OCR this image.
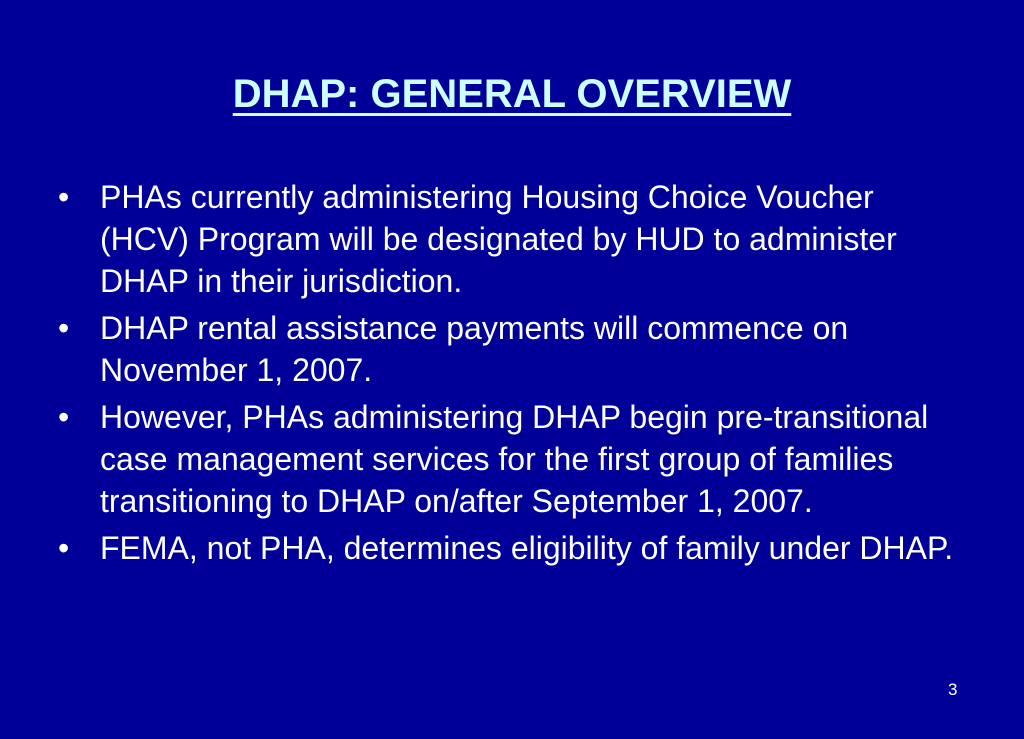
DHAP: GENERAL OVERVIEW
• PHAs currently administering Housing Choice Voucher (HCV) Program will be designated by HUD to administer DHAP in their jurisdiction.
• DHAP rental assistance payments will commence on November 1, 2007.
• However, PHAs administering DHAP begin pre-transitional case management services for the first group of families transitioning to DHAP on/after September 1, 2007.
• FEMA, not PHA, determines eligibility of family under DHAP.
3
